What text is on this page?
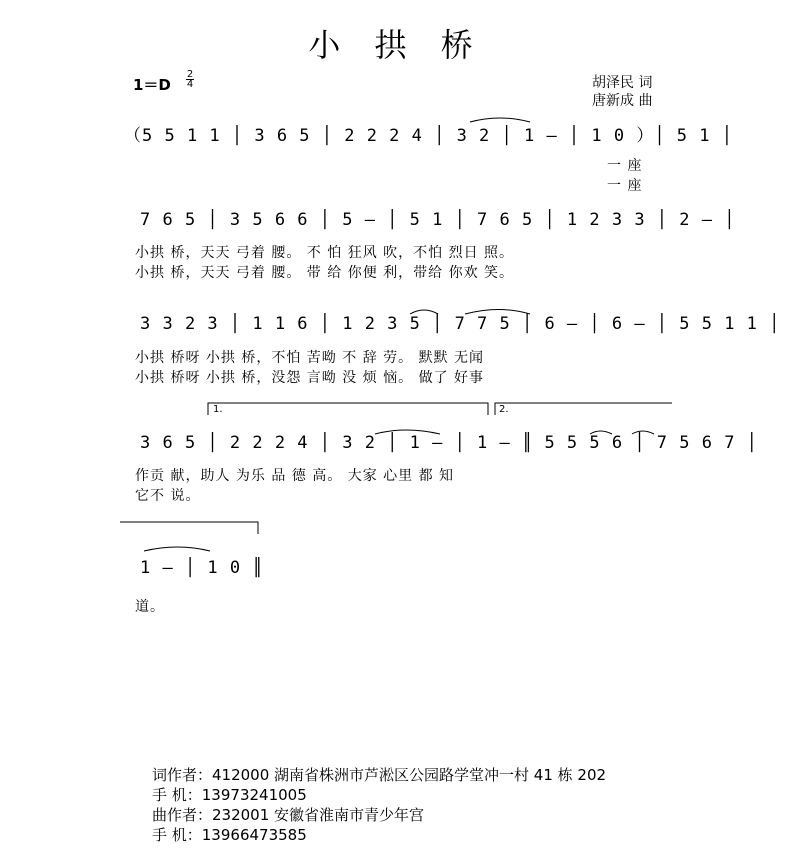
小 拱 桥
1＝D
2
4	胡泽民 词
唐新成 曲
（5 5 1 1 │ 3 6 5 │ 2 2 2 4 │ 3 2 │ 1 – │ 1 0 ）│ 5 1 │
一 座
一 座
7 6 5 │ 3 5 6 6 │ 5 – │ 5 1 │ 7 6 5 │ 1 2 3 3 │ 2 – │
小拱 桥，天天 弓着 腰。 不 怕 狂风 吹，不怕 烈日 照。
小拱 桥，天天 弓着 腰。 带 给 你便 利，带给 你欢 笑。
3 3 2 3 │ 1 1 6 │ 1 2 3 5 │ 7 7 5 │ 6 – │ 6 – │ 5 5 1 1 │
小拱 桥呀 小拱 桥，不怕 苦呦 不 辞 劳。 默默 无闻
小拱 桥呀 小拱 桥，没怨 言呦 没 烦 恼。 做了 好事
1.	2.
3 6 5 │ 2 2 2 4 │ 3 2 │ 1 – │ 1 – ║ 5 5 5 6 │ 7 5 6 7 │
作贡 献，助人 为乐 品 德 高。 大家 心里 都 知
它不 说。
1 – │ 1 0 ║
道。
词作者：412000 湖南省株洲市芦淞区公园路学堂冲一村 41 栋 202
手 机：13973241005
曲作者：232001 安徽省淮南市青少年宫
手 机：13966473585
